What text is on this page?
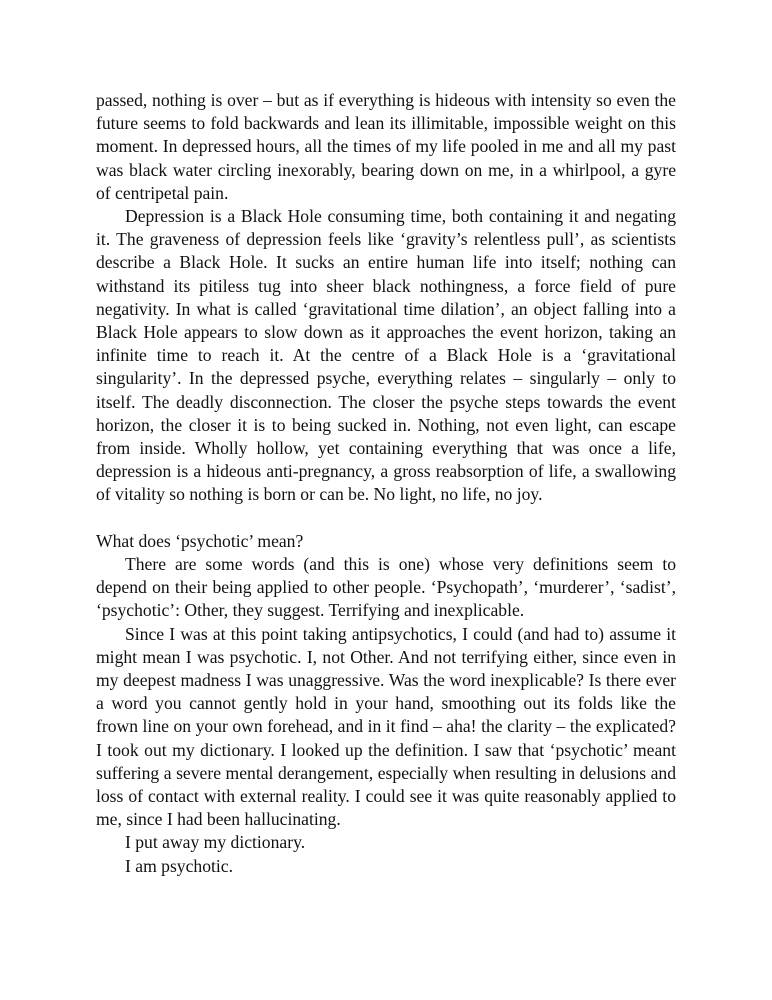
passed, nothing is over – but as if everything is hideous with intensity so even the future seems to fold backwards and lean its illimitable, impossible weight on this moment. In depressed hours, all the times of my life pooled in me and all my past was black water circling inexorably, bearing down on me, in a whirlpool, a gyre of centripetal pain.

Depression is a Black Hole consuming time, both containing it and negating it. The graveness of depression feels like ‘gravity’s relentless pull’, as scientists describe a Black Hole. It sucks an entire human life into itself; nothing can withstand its pitiless tug into sheer black nothingness, a force field of pure negativity. In what is called ‘gravitational time dilation’, an object falling into a Black Hole appears to slow down as it approaches the event horizon, taking an infinite time to reach it. At the centre of a Black Hole is a ‘gravitational singularity’. In the depressed psyche, everything relates – singularly – only to itself. The deadly disconnection. The closer the psyche steps towards the event horizon, the closer it is to being sucked in. Nothing, not even light, can escape from inside. Wholly hollow, yet containing everything that was once a life, depression is a hideous anti-pregnancy, a gross reabsorption of life, a swallowing of vitality so nothing is born or can be. No light, no life, no joy.

What does ‘psychotic’ mean?

There are some words (and this is one) whose very definitions seem to depend on their being applied to other people. ‘Psychopath’, ‘murderer’, ‘sadist’, ‘psychotic’: Other, they suggest. Terrifying and inexplicable.

Since I was at this point taking antipsychotics, I could (and had to) assume it might mean I was psychotic. I, not Other. And not terrifying either, since even in my deepest madness I was unaggressive. Was the word inexplicable? Is there ever a word you cannot gently hold in your hand, smoothing out its folds like the frown line on your own forehead, and in it find – aha! the clarity – the explicated? I took out my dictionary. I looked up the definition. I saw that ‘psychotic’ meant suffering a severe mental derangement, especially when resulting in delusions and loss of contact with external reality. I could see it was quite reasonably applied to me, since I had been hallucinating.

I put away my dictionary.

I am psychotic.
